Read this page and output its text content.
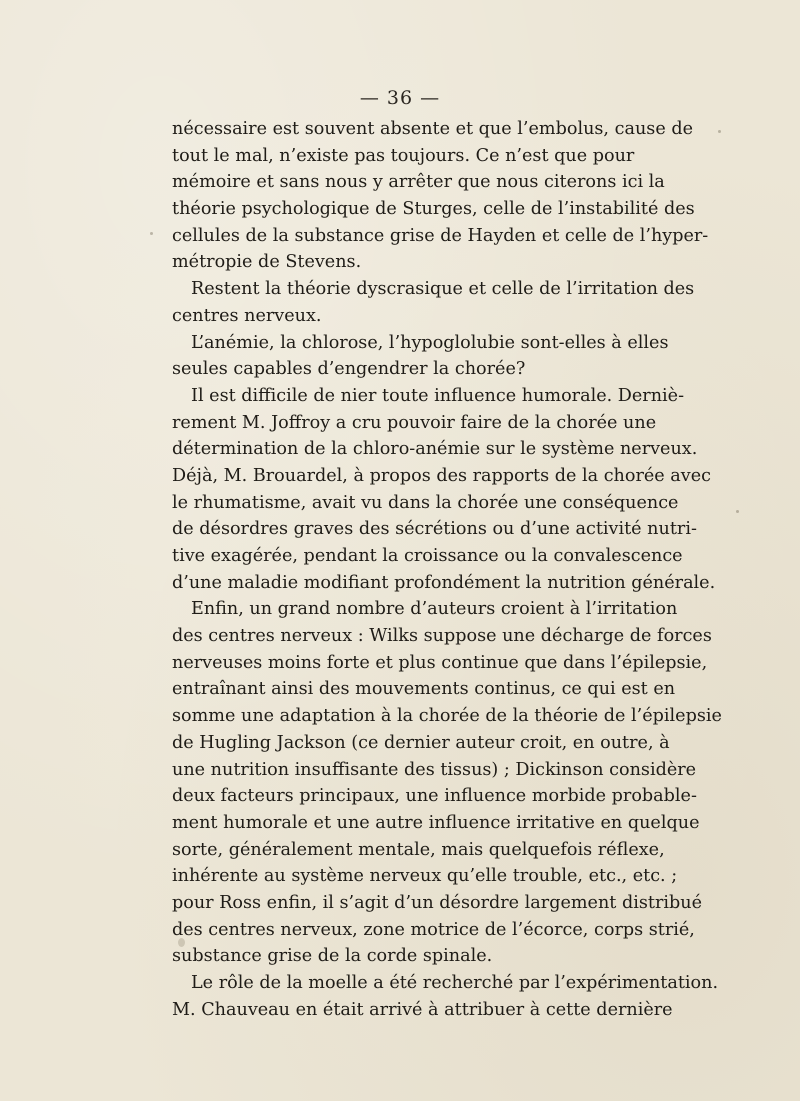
— 36 —
nécessaire est souvent absente et que l’embolus, cause de
tout le mal, n’existe pas toujours. Ce n’est que pour
mémoire et sans nous y arrêter que nous citerons ici la
théorie psychologique de Sturges, celle de l’instabilité des
cellules de la substance grise de Hayden et celle de l’hyper-
métropie de Stevens.
Restent la théorie dyscrasique et celle de l’irritation des
centres nerveux.
L’anémie, la chlorose, l’hypoglolubie sont-elles à elles
seules capables d’engendrer la chorée?
Il est difficile de nier toute influence humorale. Derniè-
rement M. Joffroy a cru pouvoir faire de la chorée une
détermination de la chloro-anémie sur le système nerveux.
Déjà, M. Brouardel, à propos des rapports de la chorée avec
le rhumatisme, avait vu dans la chorée une conséquence
de désordres graves des sécrétions ou d’une activité nutri-
tive exagérée, pendant la croissance ou la convalescence
d’une maladie modifiant profondément la nutrition générale.
Enfin, un grand nombre d’auteurs croient à l’irritation
des centres nerveux : Wilks suppose une décharge de forces
nerveuses moins forte et plus continue que dans l’épilepsie,
entraînant ainsi des mouvements continus, ce qui est en
somme une adaptation à la chorée de la théorie de l’épilepsie
de Hugling Jackson (ce dernier auteur croit, en outre, à
une nutrition insuffisante des tissus) ; Dickinson considère
deux facteurs principaux, une influence morbide probable-
ment humorale et une autre influence irritative en quelque
sorte, généralement mentale, mais quelquefois réflexe,
inhérente au système nerveux qu’elle trouble, etc., etc. ;
pour Ross enfin, il s’agit d’un désordre largement distribué
des centres nerveux, zone motrice de l’écorce, corps strié,
substance grise de la corde spinale.
Le rôle de la moelle a été recherché par l’expérimentation.
M. Chauveau en était arrivé à attribuer à cette dernière
